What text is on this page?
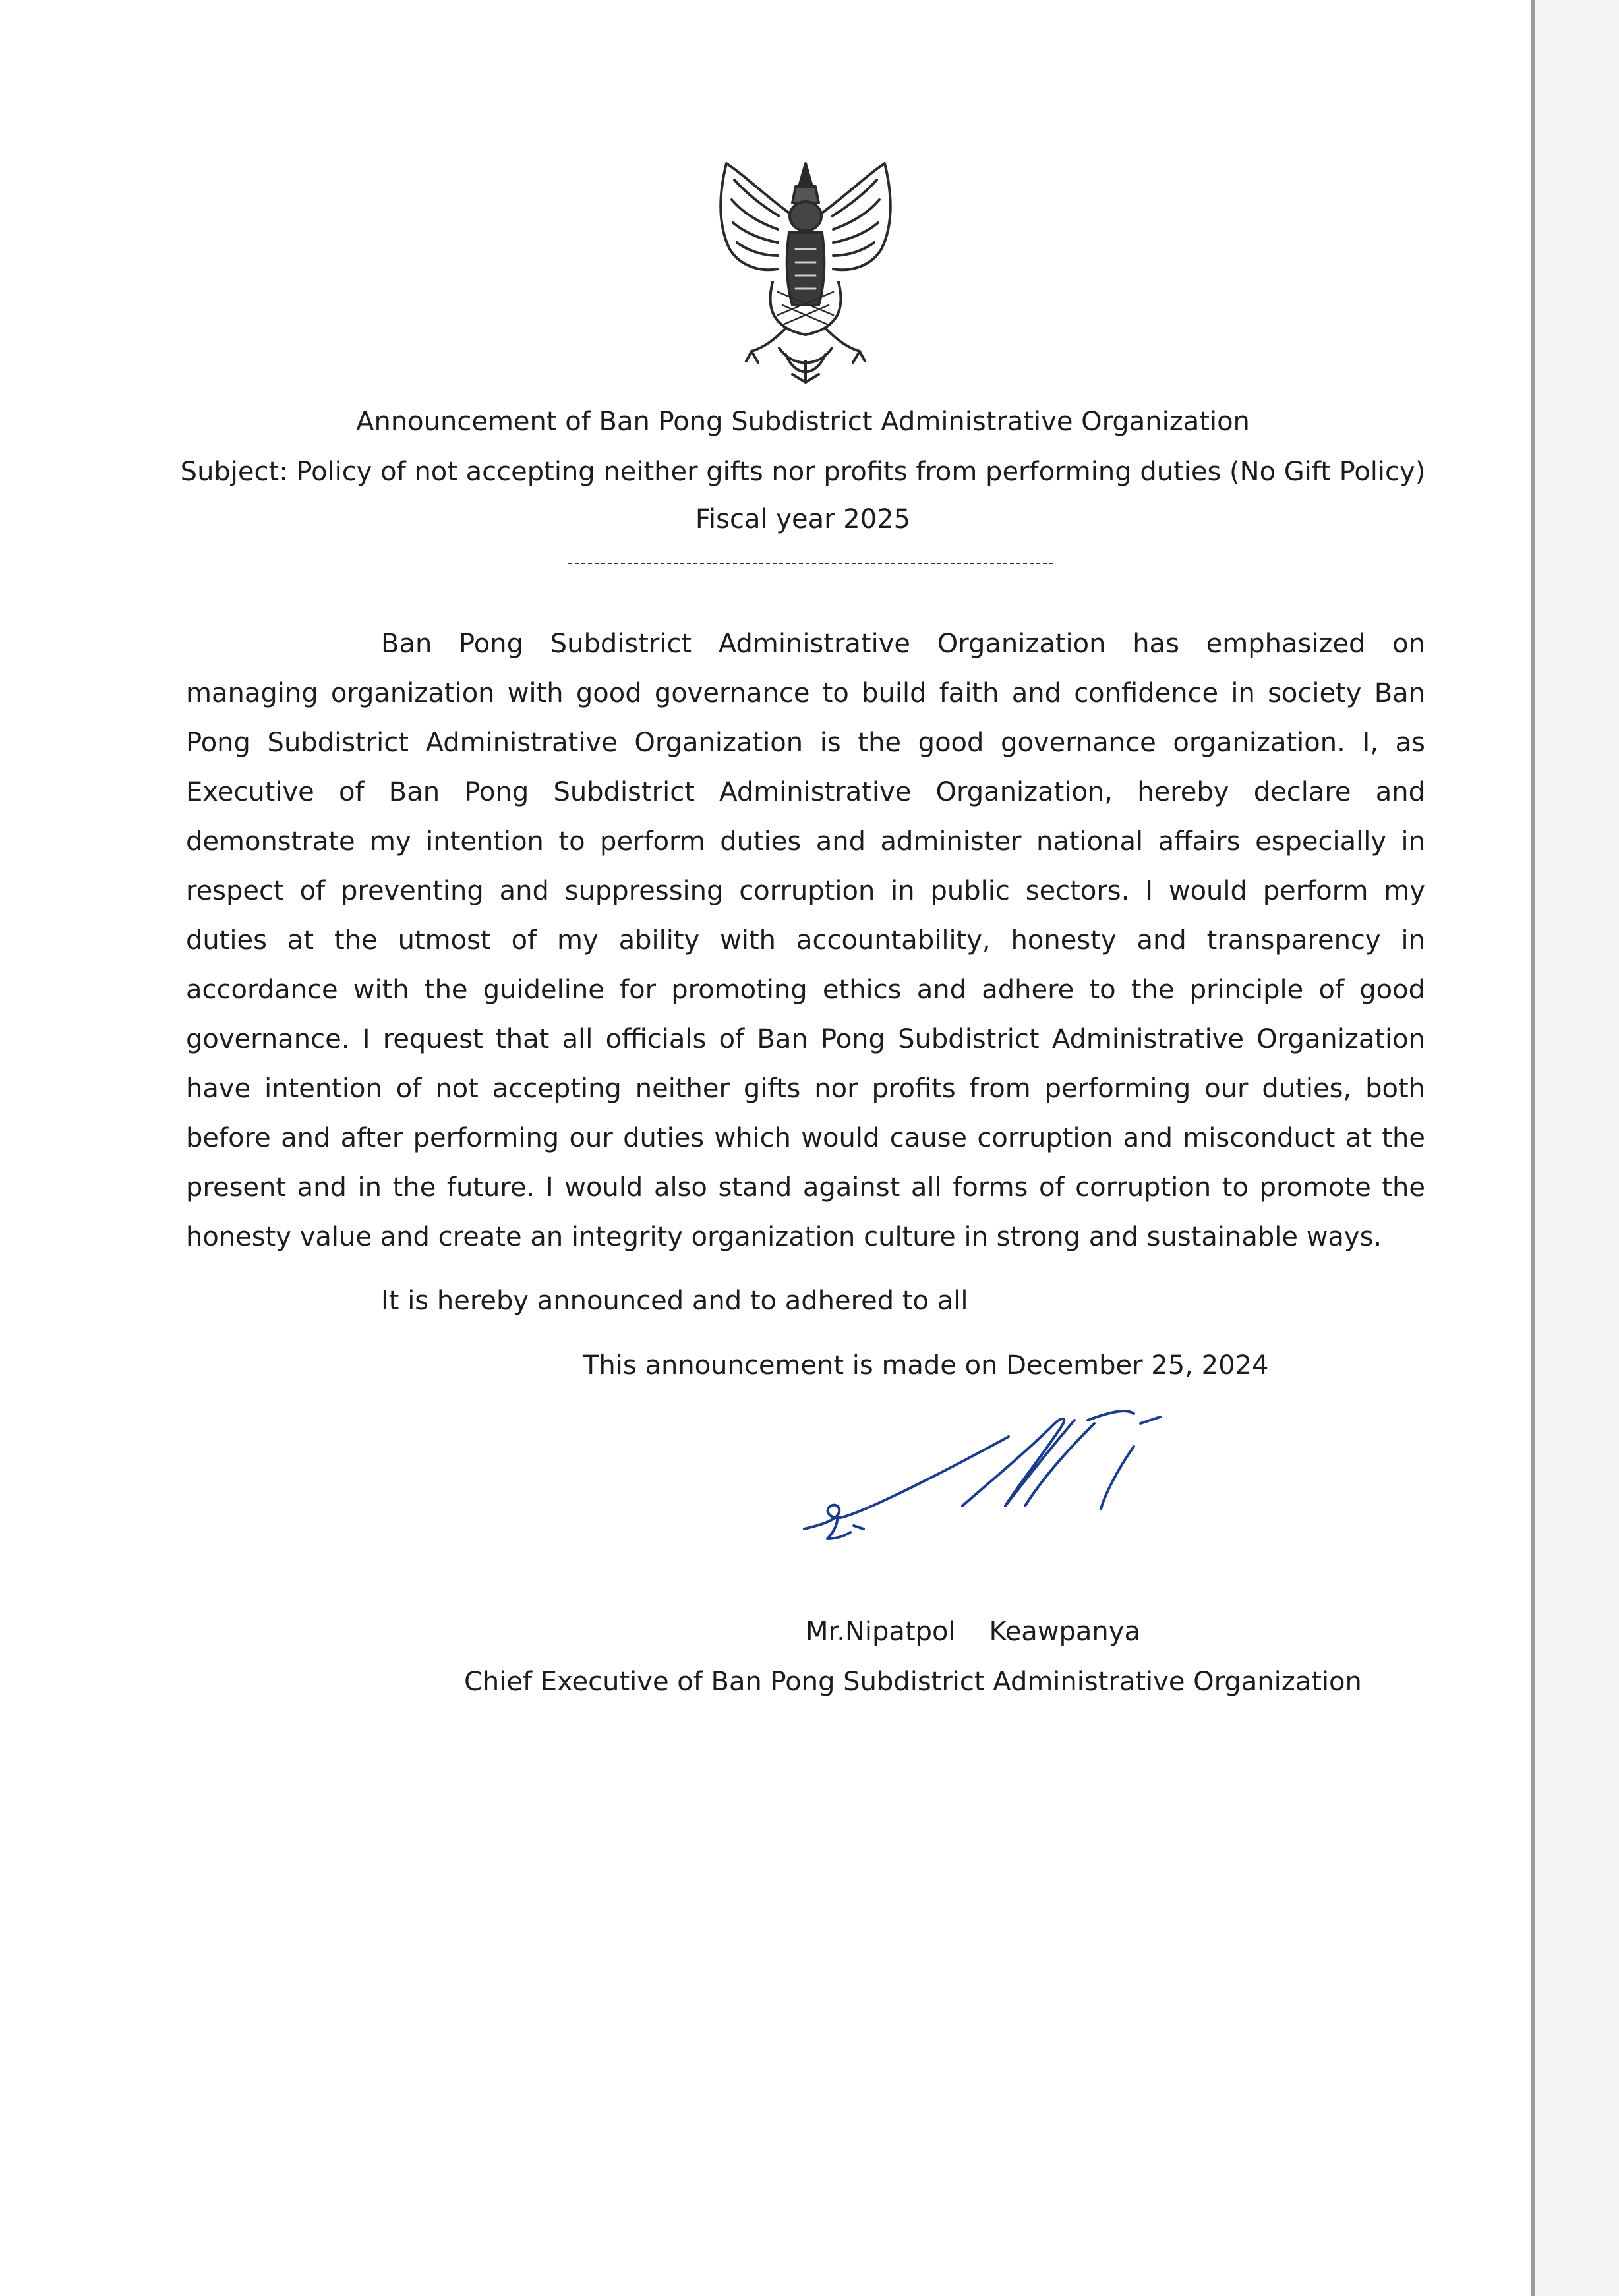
Announcement of Ban Pong Subdistrict Administrative Organization
Subject: Policy of not accepting neither gifts nor profits from performing duties (No Gift Policy)
Fiscal year 2025

Ban Pong Subdistrict Administrative Organization has emphasized on managing organization with good governance to build faith and confidence in society Ban Pong Subdistrict Administrative Organization is the good governance organization. I, as Executive of Ban Pong Subdistrict Administrative Organization, hereby declare and demonstrate my intention to perform duties and administer national affairs especially in respect of preventing and suppressing corruption in public sectors. I would perform my duties at the utmost of my ability with accountability, honesty and transparency in accordance with the guideline for promoting ethics and adhere to the principle of good governance. I request that all officials of Ban Pong Subdistrict Administrative Organization have intention of not accepting neither gifts nor profits from performing our duties, both before and after performing our duties which would cause corruption and misconduct at the present and in the future. I would also stand against all forms of corruption to promote the honesty value and create an integrity organization culture in strong and sustainable ways.

It is hereby announced and to adhered to all
This announcement is made on December 25, 2024
Mr.Nipatpol    Keawpanya
Chief Executive of Ban Pong Subdistrict Administrative Organization
